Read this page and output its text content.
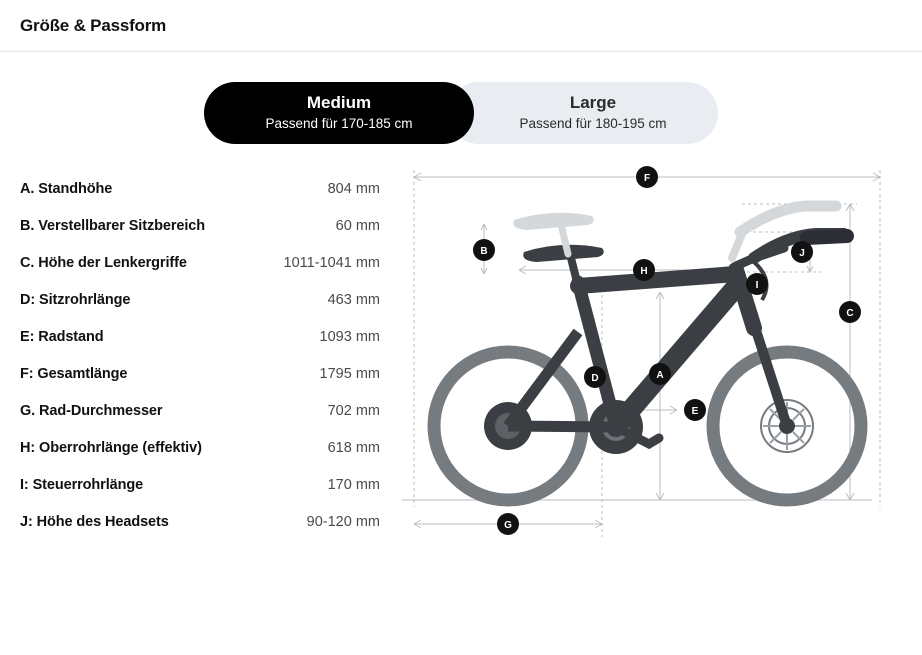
Größe & Passform
Medium
Passend für 170-185 cm
Large
Passend für 180-195 cm
A. Standhöhe	804 mm
B. Verstellbarer Sitzbereich	60 mm
C. Höhe der Lenkergriffe	1011-1041 mm
D: Sitzrohrlänge	463 mm
E: Radstand	1093 mm
F: Gesamtlänge	1795 mm
G. Rad-Durchmesser	702 mm
H: Oberrohrlänge (effektiv)	618 mm
I: Steuerrohrlänge	170 mm
J: Höhe des Headsets	90-120 mm
F
B
H
J
I
C
D	A
E
G
